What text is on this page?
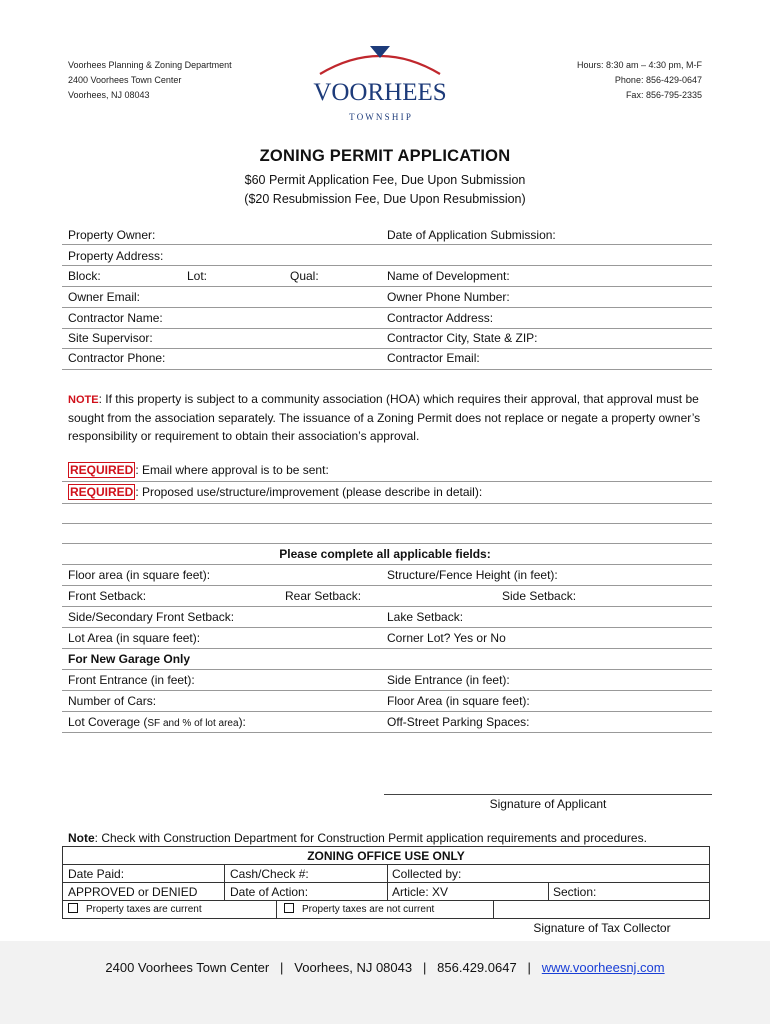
Voorhees Planning & Zoning Department
2400 Voorhees Town Center
Voorhees, NJ 08043	VOORHEES
T O W N S H I P
Hours: 8:30 am – 4:30 pm, M-F
Phone: 856-429-0647
Fax: 856-795-2335
ZONING PERMIT APPLICATION
$60 Permit Application Fee, Due Upon Submission
($20 Resubmission Fee, Due Upon Resubmission)
Property Owner:	Date of Application Submission:
Property Address:
Block:	Lot:	Qual:	Name of Development:
Owner Email:	Owner Phone Number:
Contractor Name:	Contractor Address:
Site Supervisor:	Contractor City, State & ZIP:
Contractor Phone:	Contractor Email:
NOTE: If this property is subject to a community association (HOA) which requires their approval, that approval must be sought from the association separately. The issuance of a Zoning Permit does not replace or negate a property owner’s responsibility or requirement to obtain their association’s approval.
REQUIRED : Email where approval is to be sent:
REQUIRED : Proposed use/structure/improvement (please describe in detail):
Please complete all applicable fields:
Floor area (in square feet):	Structure/Fence Height (in feet):
Front Setback:	Rear Setback:	Side Setback:
Side/Secondary Front Setback:	Lake Setback:
Lot Area (in square feet):	Corner Lot? Yes or No
For New Garage Only
Front Entrance (in feet):	Side Entrance (in feet):
Number of Cars:	Floor Area (in square feet):
Lot Coverage (SF and % of lot area):	Off-Street Parking Spaces:
Signature of Applicant
Note: Check with Construction Department for Construction Permit application requirements and procedures.
ZONING OFFICE USE ONLY
Date Paid:	Cash/Check #:	Collected by:
APPROVED or DENIED	Date of Action:	Article: XV	Section:
Property taxes are current	Property taxes are not current
Signature of Tax Collector
2400 Voorhees Town Center | Voorhees, NJ 08043 | 856.429.0647 | www.voorheesnj.com
